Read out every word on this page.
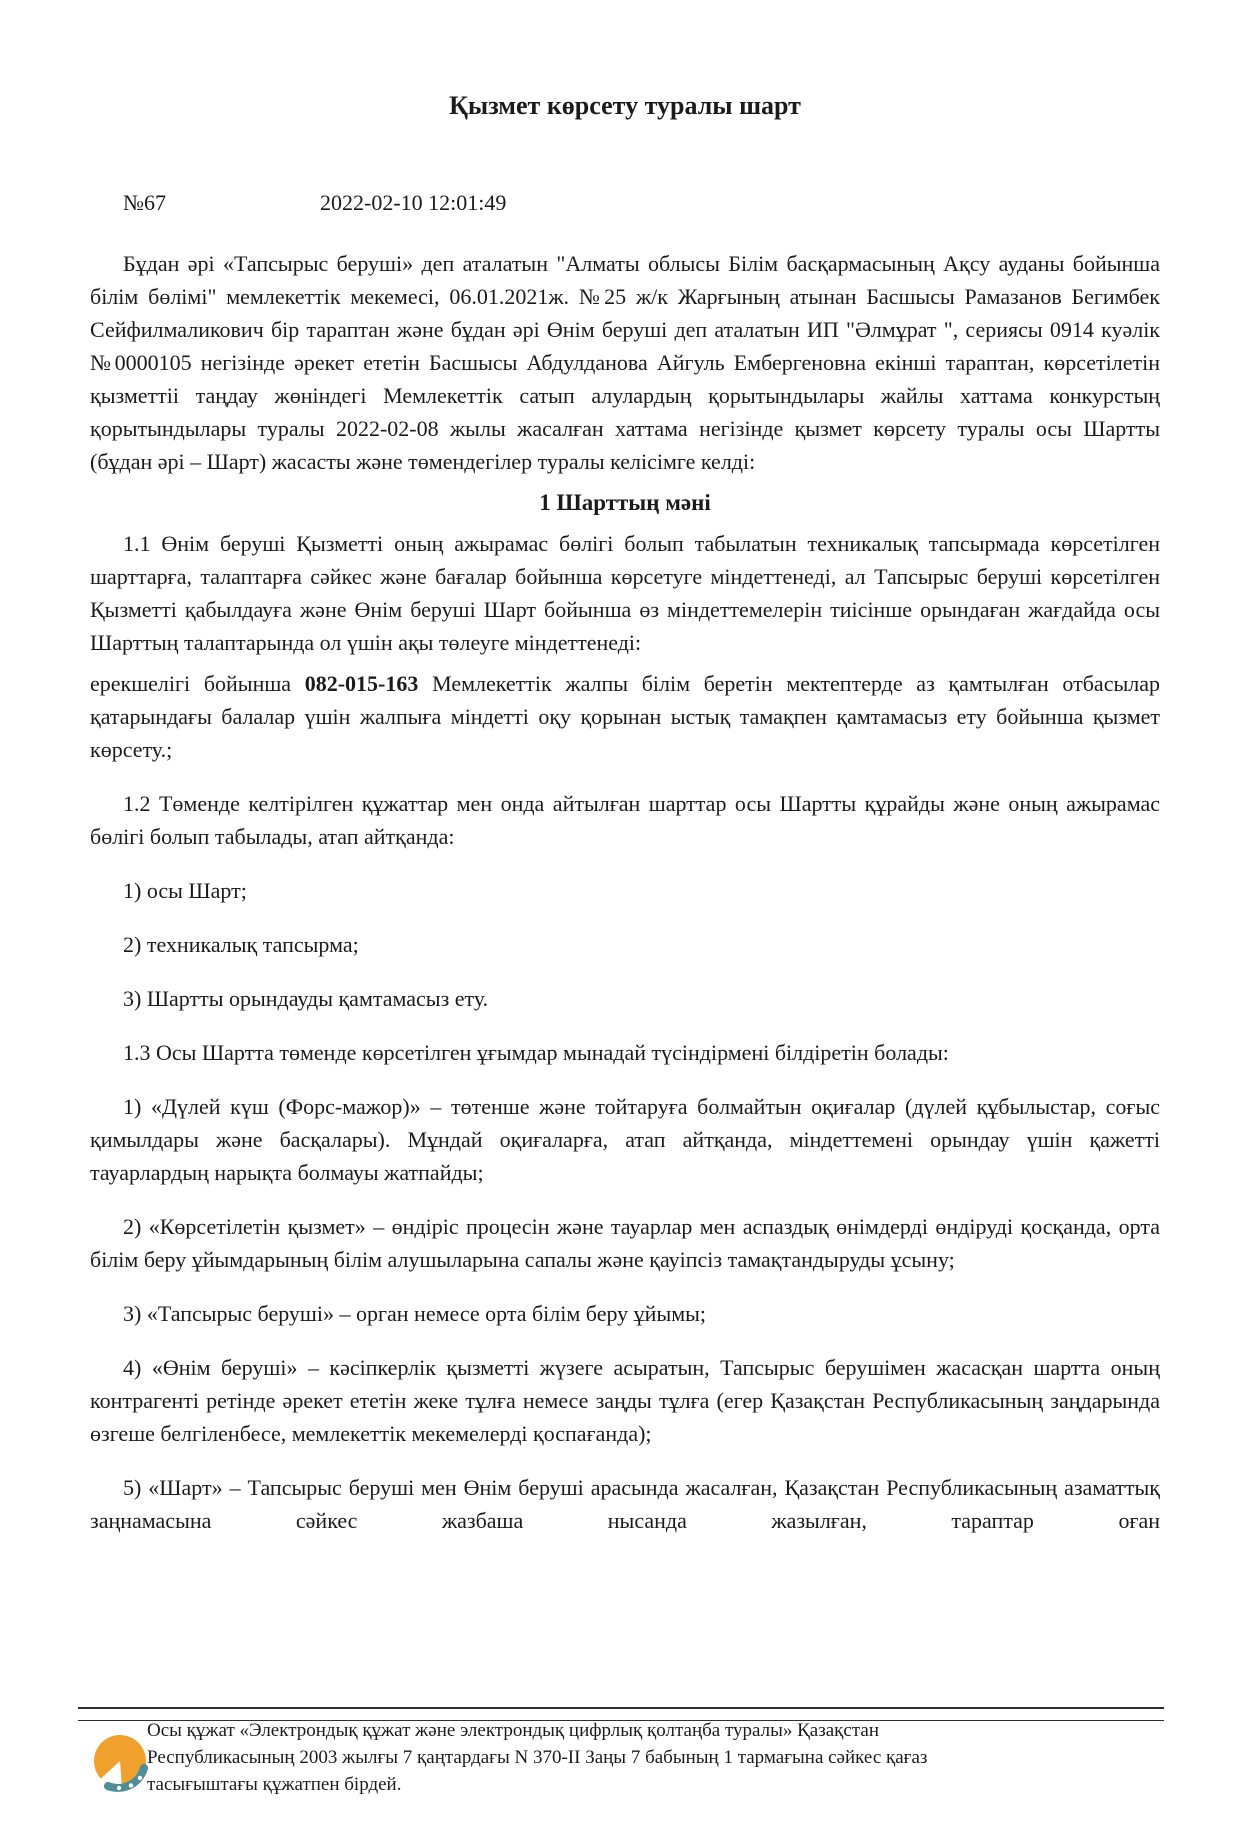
Қызмет көрсету туралы шарт
№67	2022-02-10 12:01:49

Бұдан әрі «Тапсырыс беруші» деп аталатын "Алматы облысы Білім басқармасының Ақсу ауданы бойынша білім бөлімі" мемлекеттік мекемесі, 06.01.2021ж. №25 ж/к Жарғының атынан Басшысы Рамазанов Бегимбек Сейфилмаликович бір тараптан және бұдан әрі Өнім беруші деп аталатын ИП "Әлмұрат ", сериясы 0914 куәлік №0000105 негізінде әрекет ететін Басшысы Абдулданова Айгуль Ембергеновна екінші тараптан, көрсетілетін қызметтіі таңдау жөніндегі Мемлекеттік сатып алулардың қорытындылары жайлы хаттама конкурстың қорытындылары туралы 2022-02-08 жылы жасалған хаттама негізінде қызмет көрсету туралы осы Шартты (бұдан әрі – Шарт) жасасты және төмендегілер туралы келісімге келді:

1 Шарттың мәні

1.1 Өнім беруші Қызметті оның ажырамас бөлігі болып табылатын техникалық тапсырмада көрсетілген шарттарға, талаптарға сәйкес және бағалар бойынша көрсетуге міндеттенеді, ал Тапсырыс беруші көрсетілген Қызметті қабылдауға және Өнім беруші Шарт бойынша өз міндеттемелерін тиісінше орындаған жағдайда осы Шарттың талаптарында ол үшін ақы төлеуге міндеттенеді:

ерекшелігі бойынша 082-015-163 Мемлекеттік жалпы білім беретін мектептерде аз қамтылған отбасылар қатарындағы балалар үшін жалпыға міндетті оқу қорынан ыстық тамақпен қамтамасыз ету бойынша қызмет көрсету.;

1.2 Төменде келтірілген құжаттар мен онда айтылған шарттар осы Шартты құрайды және оның ажырамас бөлігі болып табылады, атап айтқанда:

1) осы Шарт;

2) техникалық тапсырма;

3) Шартты орындауды қамтамасыз ету.

1.3 Осы Шартта төменде көрсетілген ұғымдар мынадай түсіндірмені білдіретін болады:

1) «Дүлей күш (Форс-мажор)» – төтенше және тойтаруға болмайтын оқиғалар (дүлей құбылыстар, соғыс қимылдары және басқалары). Мұндай оқиғаларға, атап айтқанда, міндеттемені орындау үшін қажетті тауарлардың нарықта болмауы жатпайды;

2) «Көрсетілетін қызмет» – өндіріс процесін және тауарлар мен аспаздық өнімдерді өндіруді қосқанда, орта білім беру ұйымдарының білім алушыларына сапалы және қауіпсіз тамақтандыруды ұсыну;

3) «Тапсырыс беруші» – орган немесе орта білім беру ұйымы;

4) «Өнім беруші» – кәсіпкерлік қызметті жүзеге асыратын, Тапсырыс берушімен жасасқан шартта оның контрагенті ретінде әрекет ететін жеке тұлға немесе заңды тұлға (егер Қазақстан Республикасының заңдарында өзгеше белгіленбесе, мемлекеттік мекемелерді қоспағанда);

5) «Шарт» – Тапсырыс беруші мен Өнім беруші арасында жасалған, Қазақстан Республикасының азаматтық заңнамасына сәйкес жазбаша нысанда жазылған, тараптар оған

Осы құжат «Электрондық құжат және электрондық цифрлық қолтаңба туралы» Қазақстан
Республикасының 2003 жылғы 7 қаңтардағы N 370-II Заңы 7 бабының 1 тармағына сәйкес қағаз
тасығыштағы құжатпен бірдей.
